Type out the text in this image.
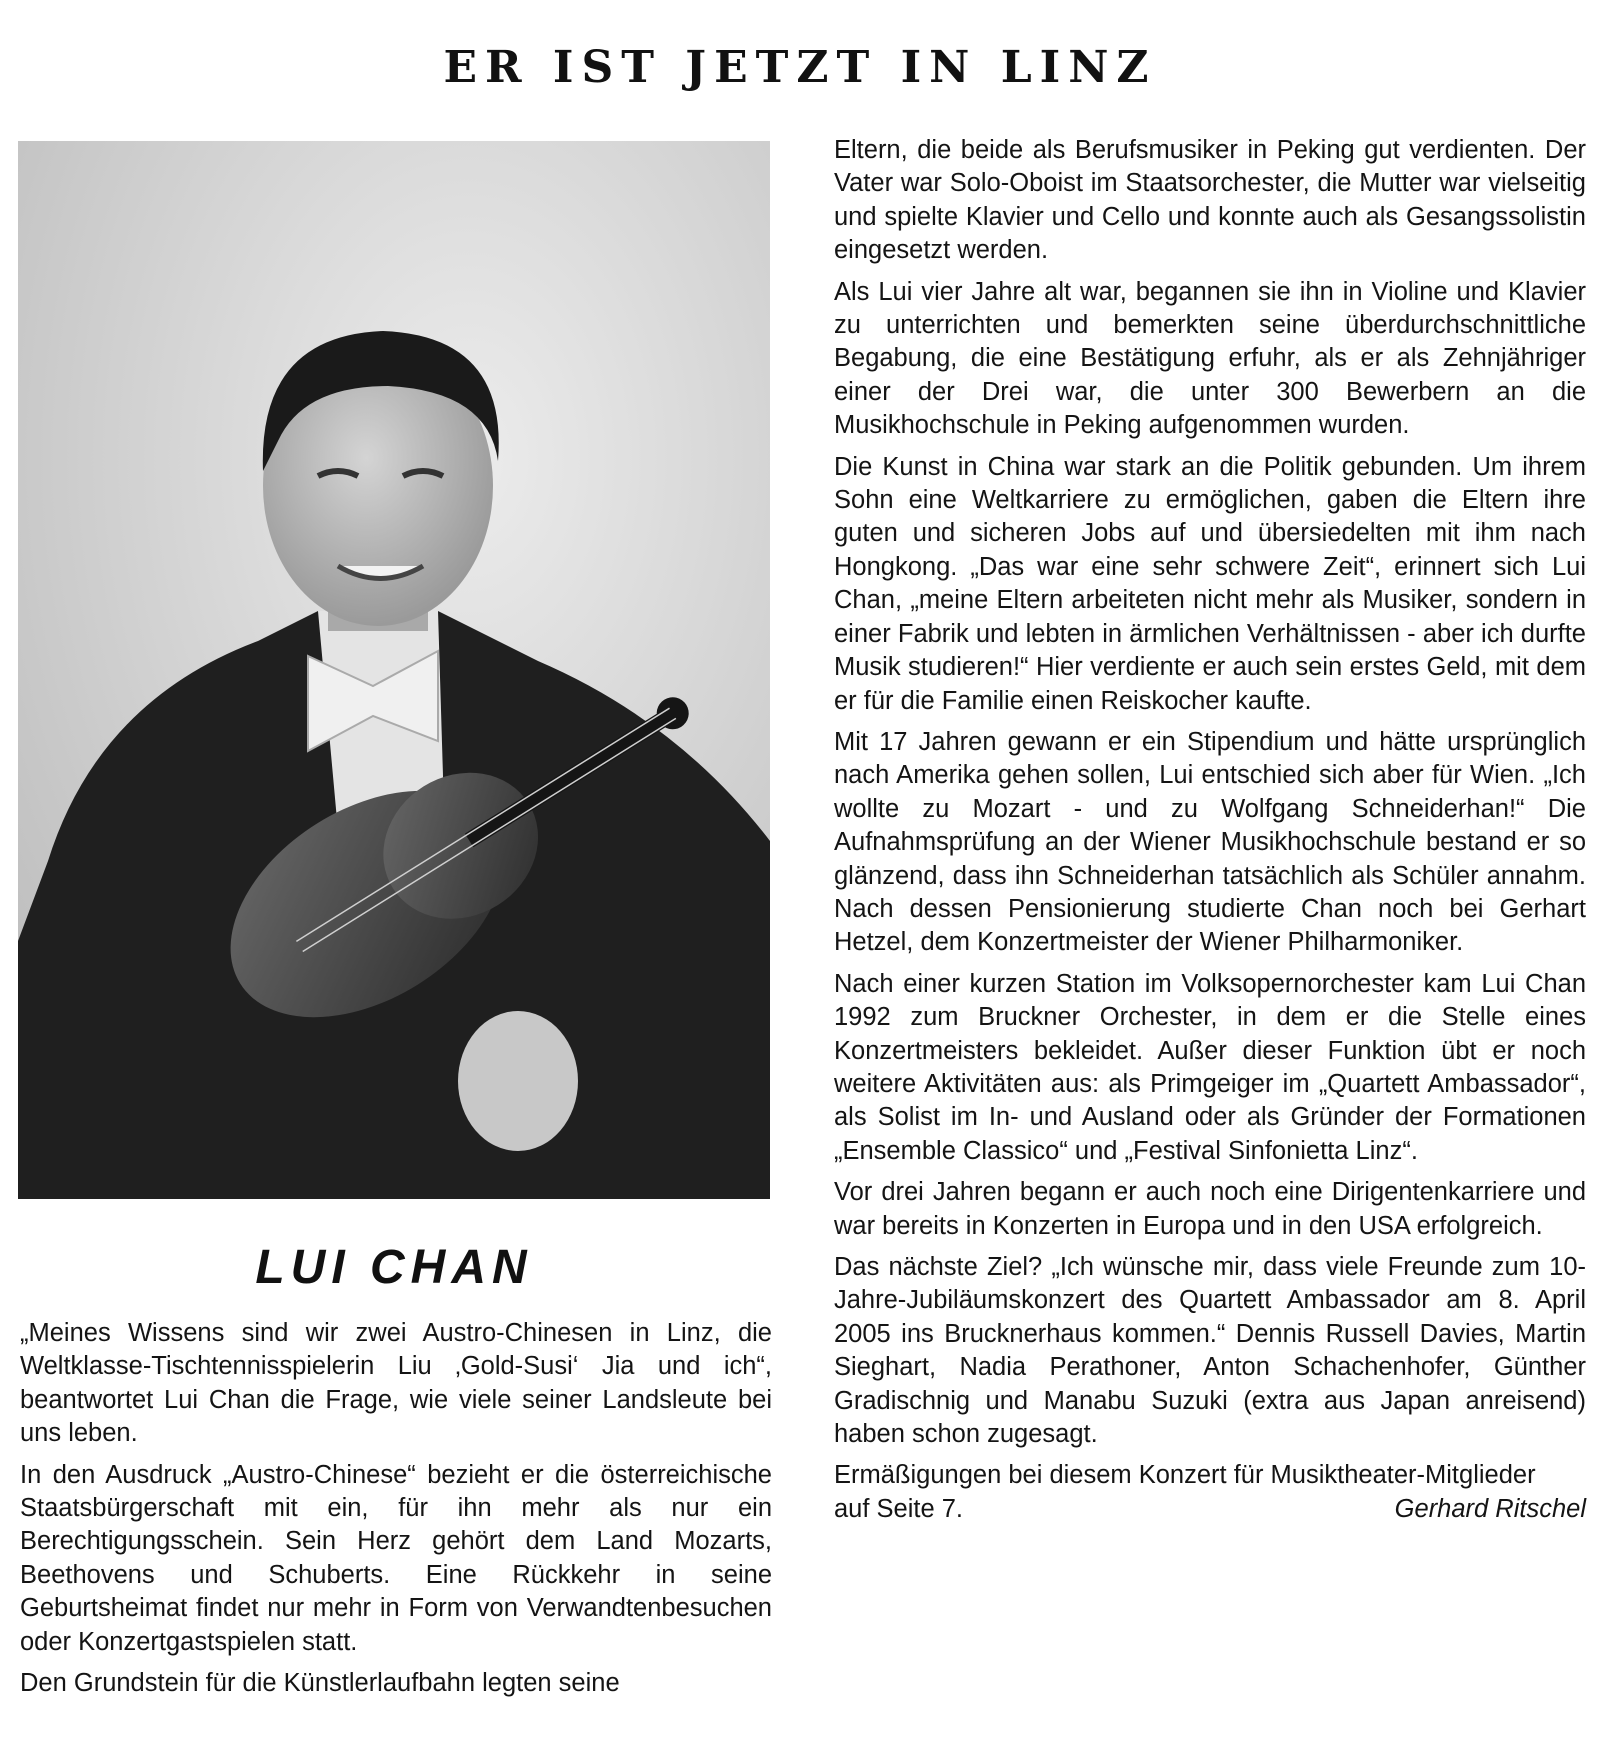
ER IST JETZT IN LINZ
LUI CHAN

„Meines Wissens sind wir zwei Austro-Chinesen in Linz, die Weltklasse-Tischtennisspielerin Liu ‚Gold-Susi‘ Jia und ich“, beantwortet Lui Chan die Frage, wie viele seiner Landsleute bei uns leben.

In den Ausdruck „Austro-Chinese“ bezieht er die österreichische Staatsbürgerschaft mit ein, für ihn mehr als nur ein Berechtigungsschein. Sein Herz gehört dem Land Mozarts, Beethovens und Schuberts. Eine Rückkehr in seine Geburtsheimat findet nur mehr in Form von Verwandtenbesuchen oder Konzertgastspielen statt.

Den Grundstein für die Künstlerlaufbahn legten seine

Eltern, die beide als Berufsmusiker in Peking gut verdienten. Der Vater war Solo-Oboist im Staatsorchester, die Mutter war vielseitig und spielte Klavier und Cello und konnte auch als Gesangssolistin eingesetzt werden.

Als Lui vier Jahre alt war, begannen sie ihn in Violine und Klavier zu unterrichten und bemerkten seine überdurchschnittliche Begabung, die eine Bestätigung erfuhr, als er als Zehnjähriger einer der Drei war, die unter 300 Bewerbern an die Musikhochschule in Peking aufgenommen wurden.

Die Kunst in China war stark an die Politik gebunden. Um ihrem Sohn eine Weltkarriere zu ermöglichen, gaben die Eltern ihre guten und sicheren Jobs auf und übersiedelten mit ihm nach Hongkong. „Das war eine sehr schwere Zeit“, erinnert sich Lui Chan, „meine Eltern arbeiteten nicht mehr als Musiker, sondern in einer Fabrik und lebten in ärmlichen Verhältnissen - aber ich durfte Musik studieren!“ Hier verdiente er auch sein erstes Geld, mit dem er für die Familie einen Reiskocher kaufte.

Mit 17 Jahren gewann er ein Stipendium und hätte ursprünglich nach Amerika gehen sollen, Lui entschied sich aber für Wien. „Ich wollte zu Mozart - und zu Wolfgang Schneiderhan!“ Die Aufnahmsprüfung an der Wiener Musikhochschule bestand er so glänzend, dass ihn Schneiderhan tatsächlich als Schüler annahm. Nach dessen Pensionierung studierte Chan noch bei Gerhart Hetzel, dem Konzertmeister der Wiener Philharmoniker.

Nach einer kurzen Station im Volksopernorchester kam Lui Chan 1992 zum Bruckner Orchester, in dem er die Stelle eines Konzertmeisters bekleidet. Außer dieser Funktion übt er noch weitere Aktivitäten aus: als Primgeiger im „Quartett Ambassador“, als Solist im In- und Ausland oder als Gründer der Formationen „Ensemble Classico“ und „Festival Sinfonietta Linz“.

Vor drei Jahren begann er auch noch eine Dirigentenkarriere und war bereits in Konzerten in Europa und in den USA erfolgreich.

Das nächste Ziel? „Ich wünsche mir, dass viele Freunde zum 10-Jahre-Jubiläumskonzert des Quartett Ambassador am 8. April 2005 ins Brucknerhaus kommen.“ Dennis Russell Davies, Martin Sieghart, Nadia Perathoner, Anton Schachenhofer, Günther Gradischnig und Manabu Suzuki (extra aus Japan anreisend) haben schon zugesagt.

Ermäßigungen bei diesem Konzert für Musiktheater-Mitglieder

auf Seite 7.	Gerhard Ritschel
